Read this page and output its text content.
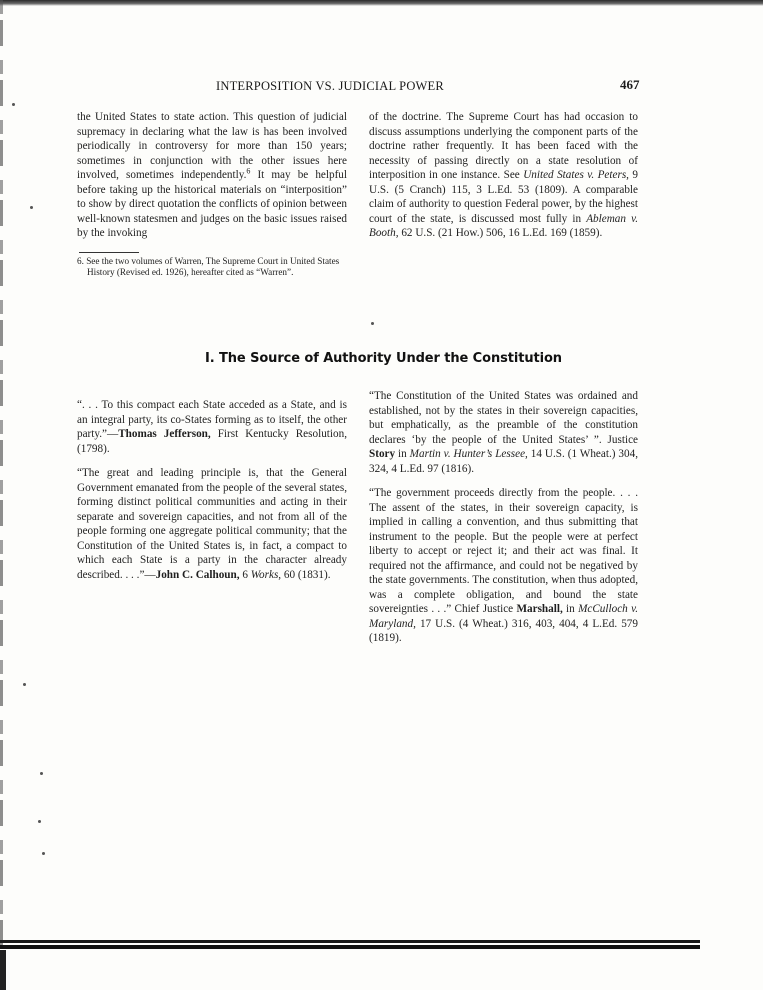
INTERPOSITION VS. JUDICIAL POWER	467
the United States to state action. This question of judicial supremacy in declaring what the law is has been involved periodically in controversy for more than 150 years; sometimes in conjunction with the other issues here involved, sometimes independently.$^6$ It may be helpful before taking up the historical materials on “interposition” to show by direct quotation the conflicts of opinion between well-known statesmen and judges on the basic issues raised by the invoking
6. See the two volumes of Warren, The Supreme Court in United States History (Revised ed. 1926), hereafter cited as “Warren”.
of the doctrine. The Supreme Court has had occasion to discuss assumptions underlying the component parts of the doctrine rather frequently. It has been faced with the necessity of passing directly on a state resolution of interposition in one instance. See United States v. Peters, 9 U.S. (5 Cranch) 115, 3 L.Ed. 53 (1809). A comparable claim of authority to question Federal power, by the highest court of the state, is discussed most fully in Ableman v. Booth, 62 U.S. (21 How.) 506, 16 L.Ed. 169 (1859).
I. The Source of Authority Under the Constitution

“. . . To this compact each State acceded as a State, and is an integral party, its co-States forming as to itself, the other party.”—Thomas Jefferson, First Kentucky Resolution, (1798).

“The great and leading principle is, that the General Government emanated from the people of the several states, forming distinct political communities and acting in their separate and sovereign capacities, and not from all of the people forming one aggregate political community; that the Constitution of the United States is, in fact, a compact to which each State is a party in the character already described. . . .”—John C. Calhoun, 6 Works, 60 (1831).

“The Constitution of the United States was ordained and established, not by the states in their sovereign capacities, but emphatically, as the preamble of the constitution declares ‘by the people of the United States’ ”. Justice Story in Martin v. Hunter’s Lessee, 14 U.S. (1 Wheat.) 304, 324, 4 L.Ed. 97 (1816).

“The government proceeds directly from the people. . . . The assent of the states, in their sovereign capacity, is implied in calling a convention, and thus submitting that instrument to the people. But the people were at perfect liberty to accept or reject it; and their act was final. It required not the affirmance, and could not be negatived by the state governments. The constitution, when thus adopted, was a complete obligation, and bound the state sovereignties . . .” Chief Justice Marshall, in McCulloch v. Maryland, 17 U.S. (4 Wheat.) 316, 403, 404, 4 L.Ed. 579 (1819).
